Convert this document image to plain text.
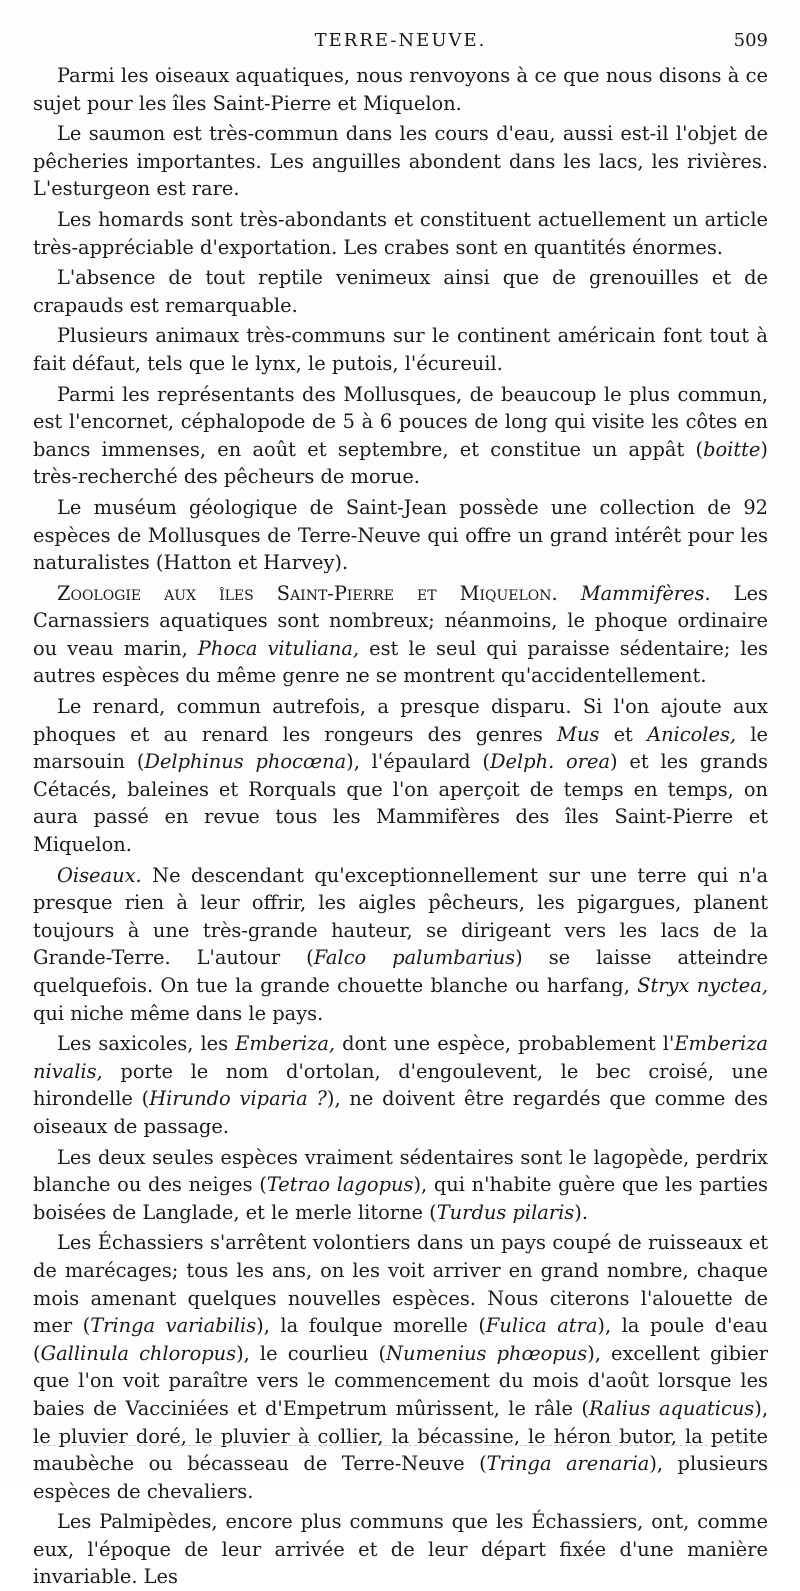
TERRE-NEUVE.	509

Parmi les oiseaux aquatiques, nous renvoyons à ce que nous disons à ce sujet pour les îles Saint-Pierre et Miquelon.

Le saumon est très-commun dans les cours d'eau, aussi est-il l'objet de pêcheries importantes. Les anguilles abondent dans les lacs, les rivières. L'esturgeon est rare.

Les homards sont très-abondants et constituent actuellement un article très-appréciable d'exportation. Les crabes sont en quantités énormes.

L'absence de tout reptile venimeux ainsi que de grenouilles et de crapauds est remarquable.

Plusieurs animaux très-communs sur le continent américain font tout à fait défaut, tels que le lynx, le putois, l'écureuil.

Parmi les représentants des Mollusques, de beaucoup le plus commun, est l'encornet, céphalopode de 5 à 6 pouces de long qui visite les côtes en bancs immenses, en août et septembre, et constitue un appât (boitte) très-recherché des pêcheurs de morue.

Le muséum géologique de Saint-Jean possède une collection de 92 espèces de Mollusques de Terre-Neuve qui offre un grand intérêt pour les naturalistes (Hatton et Harvey).

Zoologie aux îles Saint-Pierre et Miquelon. Mammifères. Les Carnassiers aquatiques sont nombreux; néanmoins, le phoque ordinaire ou veau marin, Phoca vituliana, est le seul qui paraisse sédentaire; les autres espèces du même genre ne se montrent qu'accidentellement.

Le renard, commun autrefois, a presque disparu. Si l'on ajoute aux phoques et au renard les rongeurs des genres Mus et Anicoles, le marsouin (Delphinus phocœna), l'épaulard (Delph. orea) et les grands Cétacés, baleines et Rorquals que l'on aperçoit de temps en temps, on aura passé en revue tous les Mammifères des îles Saint-Pierre et Miquelon.

Oiseaux. Ne descendant qu'exceptionnellement sur une terre qui n'a presque rien à leur offrir, les aigles pêcheurs, les pigargues, planent toujours à une très-grande hauteur, se dirigeant vers les lacs de la Grande-Terre. L'autour (Falco palumbarius) se laisse atteindre quelquefois. On tue la grande chouette blanche ou harfang, Stryx nyctea, qui niche même dans le pays.

Les saxicoles, les Emberiza, dont une espèce, probablement l'Emberiza nivalis, porte le nom d'ortolan, d'engoulevent, le bec croisé, une hirondelle (Hirundo viparia ?), ne doivent être regardés que comme des oiseaux de passage.

Les deux seules espèces vraiment sédentaires sont le lagopède, perdrix blanche ou des neiges (Tetrao lagopus), qui n'habite guère que les parties boisées de Langlade, et le merle litorne (Turdus pilaris).

Les Échassiers s'arrêtent volontiers dans un pays coupé de ruisseaux et de marécages; tous les ans, on les voit arriver en grand nombre, chaque mois amenant quelques nouvelles espèces. Nous citerons l'alouette de mer (Tringa variabilis), la foulque morelle (Fulica atra), la poule d'eau (Gallinula chloropus), le courlieu (Numenius phœopus), excellent gibier que l'on voit paraître vers le commencement du mois d'août lorsque les baies de Vacciniées et d'Empetrum mûrissent, le râle (Ralius aquaticus), le pluvier doré, le pluvier à collier, la bécassine, le héron butor, la petite maubèche ou bécasseau de Terre-Neuve (Tringa arenaria), plusieurs espèces de chevaliers.

Les Palmipèdes, encore plus communs que les Échassiers, ont, comme eux, l'époque de leur arrivée et de leur départ fixée d'une manière invariable. Les
